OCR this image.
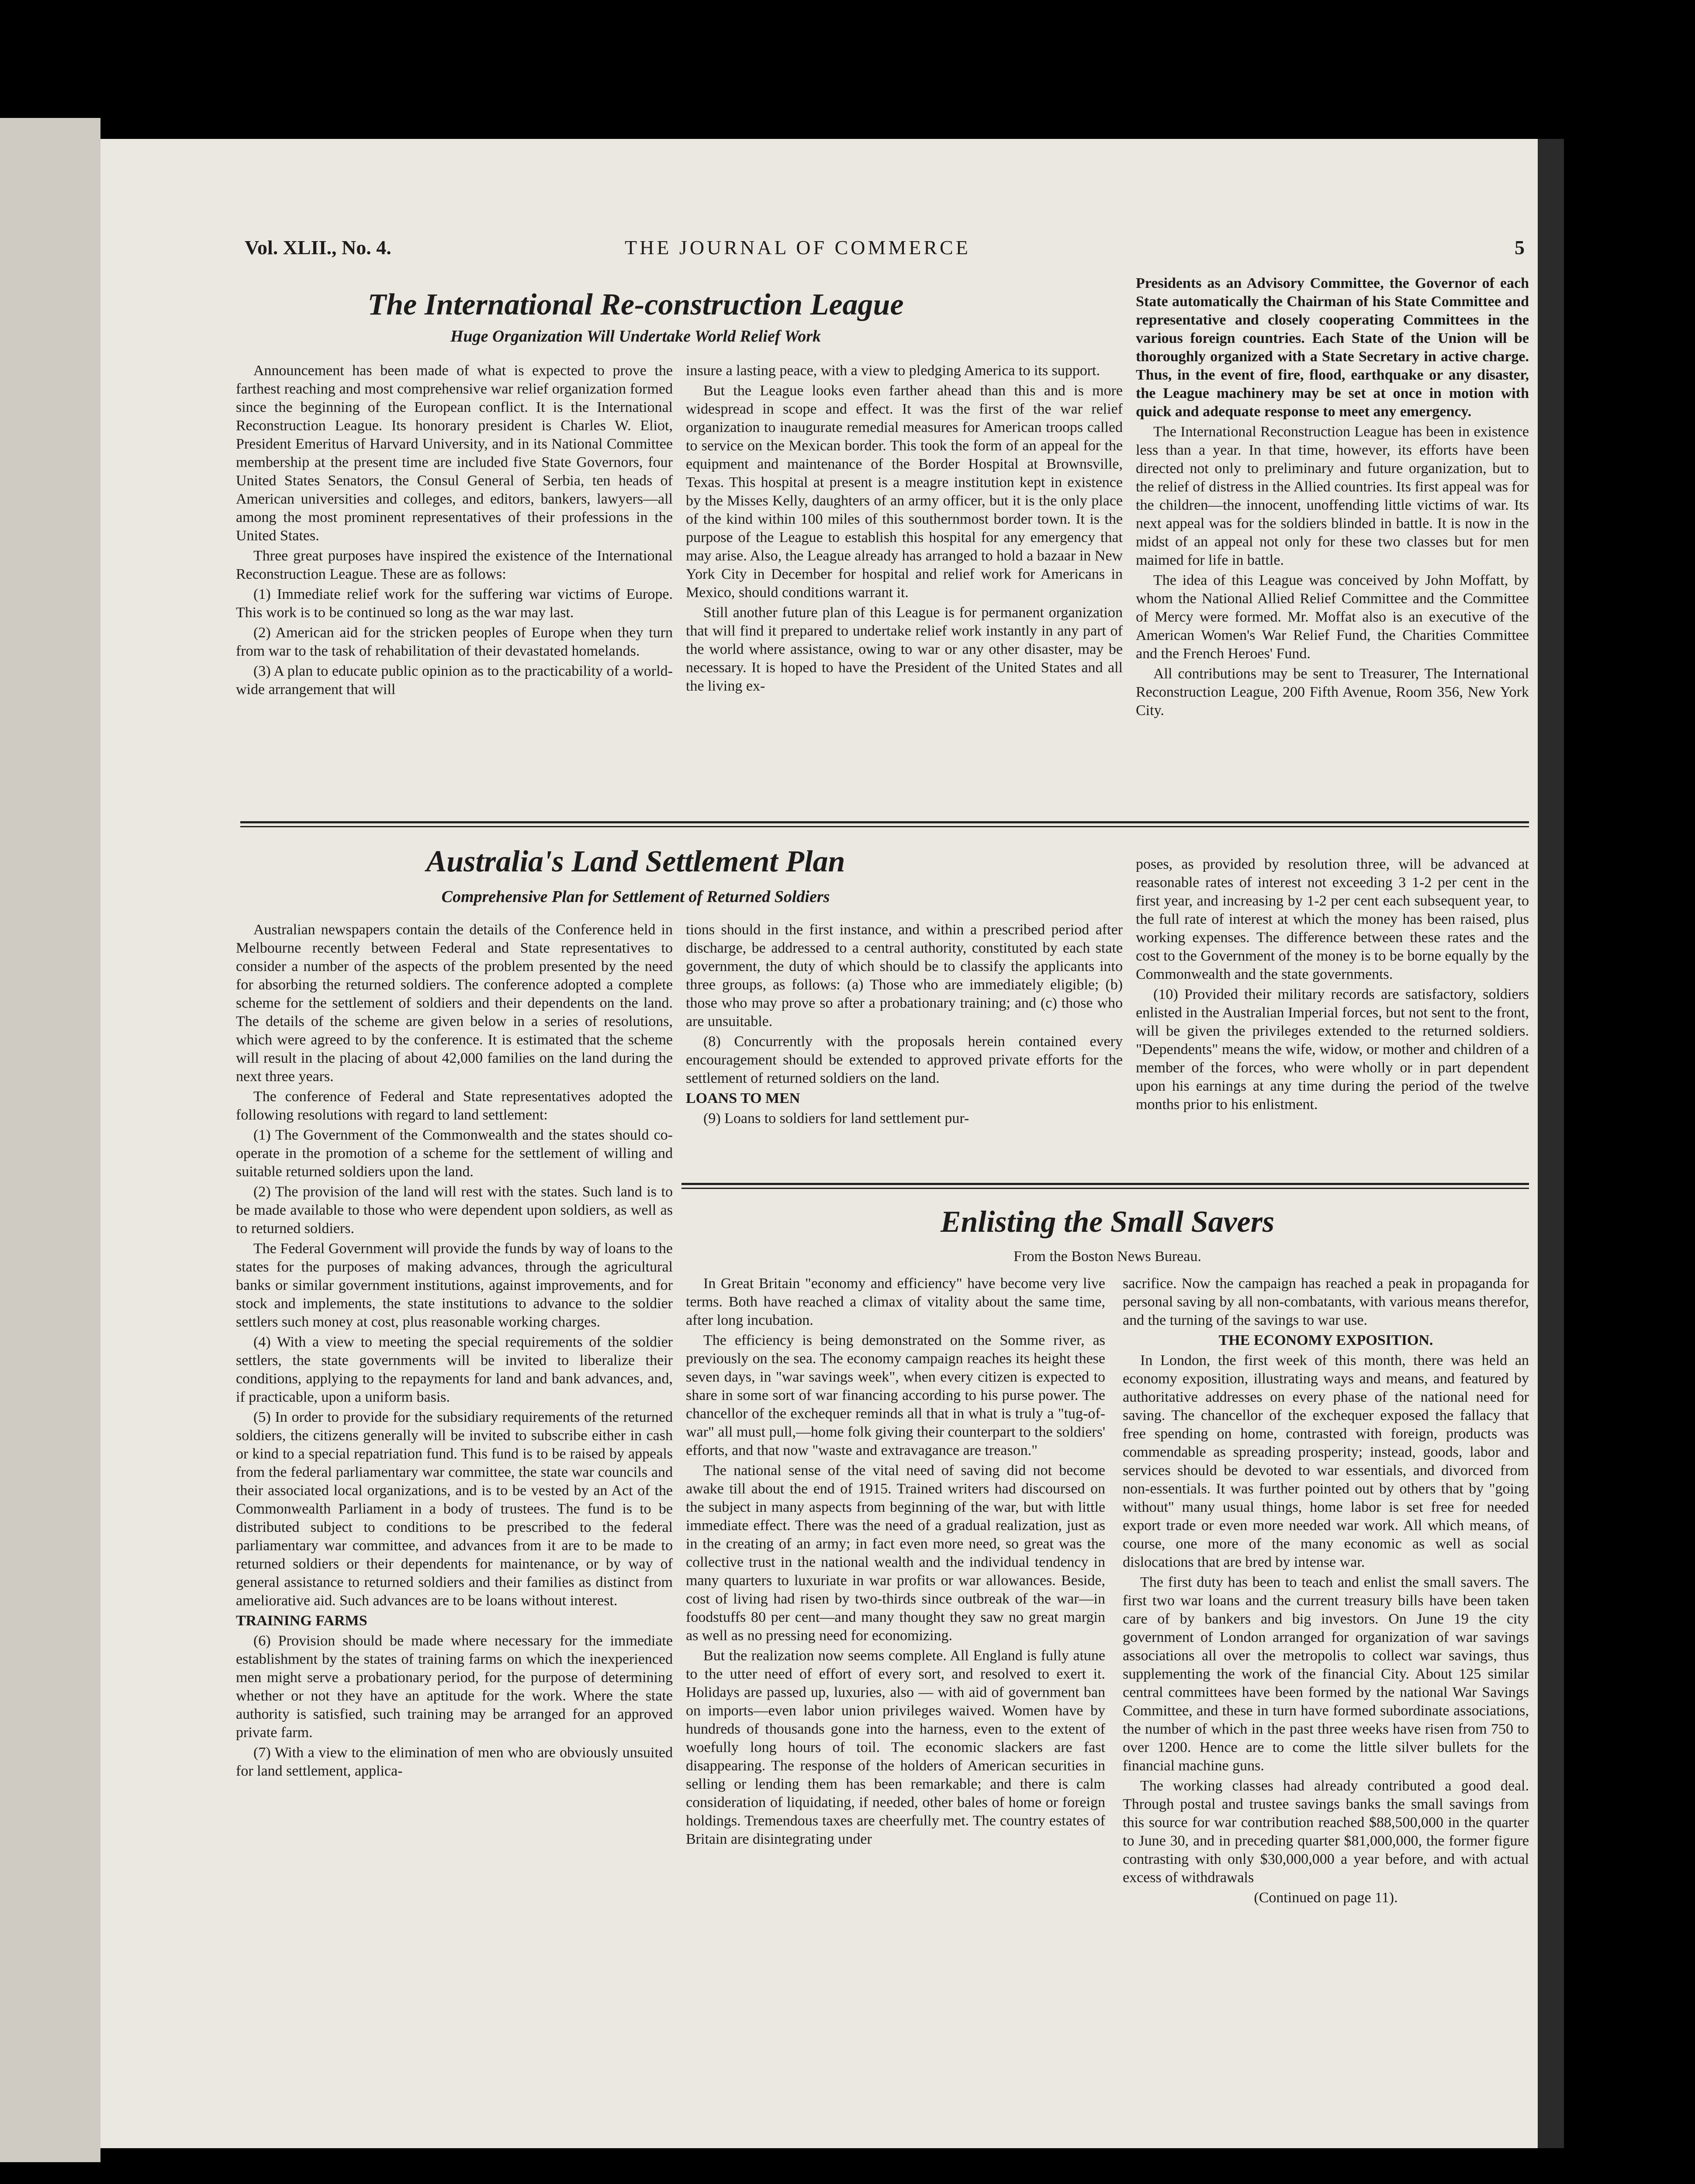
Vol. XLII., No. 4.	THE JOURNAL OF COMMERCE	5
The International Re-construction League
Huge Organization Will Undertake World Relief Work

Announcement has been made of what is expected to prove the farthest reaching and most comprehensive war relief organization formed since the beginning of the European conflict. It is the International Reconstruction League. Its honorary president is Charles W. Eliot, President Emeritus of Harvard University, and in its National Committee membership at the present time are included five State Governors, four United States Senators, the Consul General of Serbia, ten heads of American universities and colleges, and editors, bankers, lawyers—all among the most prominent representatives of their professions in the United States.

Three great purposes have inspired the existence of the International Reconstruction League. These are as follows:

(1) Immediate relief work for the suffering war victims of Europe. This work is to be continued so long as the war may last.

(2) American aid for the stricken peoples of Europe when they turn from war to the task of rehabilitation of their devastated homelands.

(3) A plan to educate public opinion as to the practicability of a world-wide arrangement that will

insure a lasting peace, with a view to pledging America to its support.

But the League looks even farther ahead than this and is more widespread in scope and effect. It was the first of the war relief organization to inaugurate remedial measures for American troops called to service on the Mexican border. This took the form of an appeal for the equipment and maintenance of the Border Hospital at Brownsville, Texas. This hospital at present is a meagre institution kept in existence by the Misses Kelly, daughters of an army officer, but it is the only place of the kind within 100 miles of this southernmost border town. It is the purpose of the League to establish this hospital for any emergency that may arise. Also, the League already has arranged to hold a bazaar in New York City in December for hospital and relief work for Americans in Mexico, should conditions warrant it.

Still another future plan of this League is for permanent organization that will find it prepared to undertake relief work instantly in any part of the world where assistance, owing to war or any other disaster, may be necessary. It is hoped to have the President of the United States and all the living ex-

Presidents as an Advisory Committee, the Governor of each State automatically the Chairman of his State Committee and representative and closely cooperating Committees in the various foreign countries. Each State of the Union will be thoroughly organized with a State Secretary in active charge. Thus, in the event of fire, flood, earthquake or any disaster, the League machinery may be set at once in motion with quick and adequate response to meet any emergency.

The International Reconstruction League has been in existence less than a year. In that time, however, its efforts have been directed not only to preliminary and future organization, but to the relief of distress in the Allied countries. Its first appeal was for the children—the innocent, unoffending little victims of war. Its next appeal was for the soldiers blinded in battle. It is now in the midst of an appeal not only for these two classes but for men maimed for life in battle.

The idea of this League was conceived by John Moffatt, by whom the National Allied Relief Committee and the Committee of Mercy were formed. Mr. Moffat also is an executive of the American Women's War Relief Fund, the Charities Committee and the French Heroes' Fund.

All contributions may be sent to Treasurer, The International Reconstruction League, 200 Fifth Avenue, Room 356, New York City.

Australia's Land Settlement Plan
Comprehensive Plan for Settlement of Returned Soldiers

Australian newspapers contain the details of the Conference held in Melbourne recently between Federal and State representatives to consider a number of the aspects of the problem presented by the need for absorbing the returned soldiers. The conference adopted a complete scheme for the settlement of soldiers and their dependents on the land. The details of the scheme are given below in a series of resolutions, which were agreed to by the conference. It is estimated that the scheme will result in the placing of about 42,000 families on the land during the next three years.

The conference of Federal and State representatives adopted the following resolutions with regard to land settlement:

(1) The Government of the Commonwealth and the states should co-operate in the promotion of a scheme for the settlement of willing and suitable returned soldiers upon the land.

(2) The provision of the land will rest with the states. Such land is to be made available to those who were dependent upon soldiers, as well as to returned soldiers.

The Federal Government will provide the funds by way of loans to the states for the purposes of making advances, through the agricultural banks or similar government institutions, against improvements, and for stock and implements, the state institutions to advance to the soldier settlers such money at cost, plus reasonable working charges.

(4) With a view to meeting the special requirements of the soldier settlers, the state governments will be invited to liberalize their conditions, applying to the repayments for land and bank advances, and, if practicable, upon a uniform basis.

(5) In order to provide for the subsidiary requirements of the returned soldiers, the citizens generally will be invited to subscribe either in cash or kind to a special repatriation fund. This fund is to be raised by appeals from the federal parliamentary war committee, the state war councils and their associated local organizations, and is to be vested by an Act of the Commonwealth Parliament in a body of trustees. The fund is to be distributed subject to conditions to be prescribed to the federal parliamentary war committee, and advances from it are to be made to returned soldiers or their dependents for maintenance, or by way of general assistance to returned soldiers and their families as distinct from ameliorative aid. Such advances are to be loans without interest.

TRAINING FARMS

(6) Provision should be made where necessary for the immediate establishment by the states of training farms on which the inexperienced men might serve a probationary period, for the purpose of determining whether or not they have an aptitude for the work. Where the state authority is satisfied, such training may be arranged for an approved private farm.

(7) With a view to the elimination of men who are obviously unsuited for land settlement, applica-

tions should in the first instance, and within a prescribed period after discharge, be addressed to a central authority, constituted by each state government, the duty of which should be to classify the applicants into three groups, as follows: (a) Those who are immediately eligible; (b) those who may prove so after a probationary training; and (c) those who are unsuitable.

(8) Concurrently with the proposals herein contained every encouragement should be extended to approved private efforts for the settlement of returned soldiers on the land.

LOANS TO MEN

(9) Loans to soldiers for land settlement pur-

poses, as provided by resolution three, will be advanced at reasonable rates of interest not exceeding 3 1-2 per cent in the first year, and increasing by 1-2 per cent each subsequent year, to the full rate of interest at which the money has been raised, plus working expenses. The difference between these rates and the cost to the Government of the money is to be borne equally by the Commonwealth and the state governments.

(10) Provided their military records are satisfactory, soldiers enlisted in the Australian Imperial forces, but not sent to the front, will be given the privileges extended to the returned soldiers. "Dependents" means the wife, widow, or mother and children of a member of the forces, who were wholly or in part dependent upon his earnings at any time during the period of the twelve months prior to his enlistment.

Enlisting the Small Savers
From the Boston News Bureau.

In Great Britain "economy and efficiency" have become very live terms. Both have reached a climax of vitality about the same time, after long incubation.

The efficiency is being demonstrated on the Somme river, as previously on the sea. The economy campaign reaches its height these seven days, in "war savings week", when every citizen is expected to share in some sort of war financing according to his purse power. The chancellor of the exchequer reminds all that in what is truly a "tug-of-war" all must pull,—home folk giving their counterpart to the soldiers' efforts, and that now "waste and extravagance are treason."

The national sense of the vital need of saving did not become awake till about the end of 1915. Trained writers had discoursed on the subject in many aspects from beginning of the war, but with little immediate effect. There was the need of a gradual realization, just as in the creating of an army; in fact even more need, so great was the collective trust in the national wealth and the individual tendency in many quarters to luxuriate in war profits or war allowances. Beside, cost of living had risen by two-thirds since outbreak of the war—in foodstuffs 80 per cent—and many thought they saw no great margin as well as no pressing need for economizing.

But the realization now seems complete. All England is fully atune to the utter need of effort of every sort, and resolved to exert it. Holidays are passed up, luxuries, also — with aid of government ban on imports—even labor union privileges waived. Women have by hundreds of thousands gone into the harness, even to the extent of woefully long hours of toil. The economic slackers are fast disappearing. The response of the holders of American securities in selling or lending them has been remarkable; and there is calm consideration of liquidating, if needed, other bales of home or foreign holdings. Tremendous taxes are cheerfully met. The country estates of Britain are disintegrating under

sacrifice. Now the campaign has reached a peak in propaganda for personal saving by all non-combatants, with various means therefor, and the turning of the savings to war use.

THE ECONOMY EXPOSITION.

In London, the first week of this month, there was held an economy exposition, illustrating ways and means, and featured by authoritative addresses on every phase of the national need for saving. The chancellor of the exchequer exposed the fallacy that free spending on home, contrasted with foreign, products was commendable as spreading prosperity; instead, goods, labor and services should be devoted to war essentials, and divorced from non-essentials. It was further pointed out by others that by "going without" many usual things, home labor is set free for needed export trade or even more needed war work. All which means, of course, one more of the many economic as well as social dislocations that are bred by intense war.

The first duty has been to teach and enlist the small savers. The first two war loans and the current treasury bills have been taken care of by bankers and big investors. On June 19 the city government of London arranged for organization of war savings associations all over the metropolis to collect war savings, thus supplementing the work of the financial City. About 125 similar central committees have been formed by the national War Savings Committee, and these in turn have formed subordinate associations, the number of which in the past three weeks have risen from 750 to over 1200. Hence are to come the little silver bullets for the financial machine guns.

The working classes had already contributed a good deal. Through postal and trustee savings banks the small savings from this source for war contribution reached $88,500,000 in the quarter to June 30, and in preceding quarter $81,000,000, the former figure contrasting with only $30,000,000 a year before, and with actual excess of withdrawals

(Continued on page 11).
